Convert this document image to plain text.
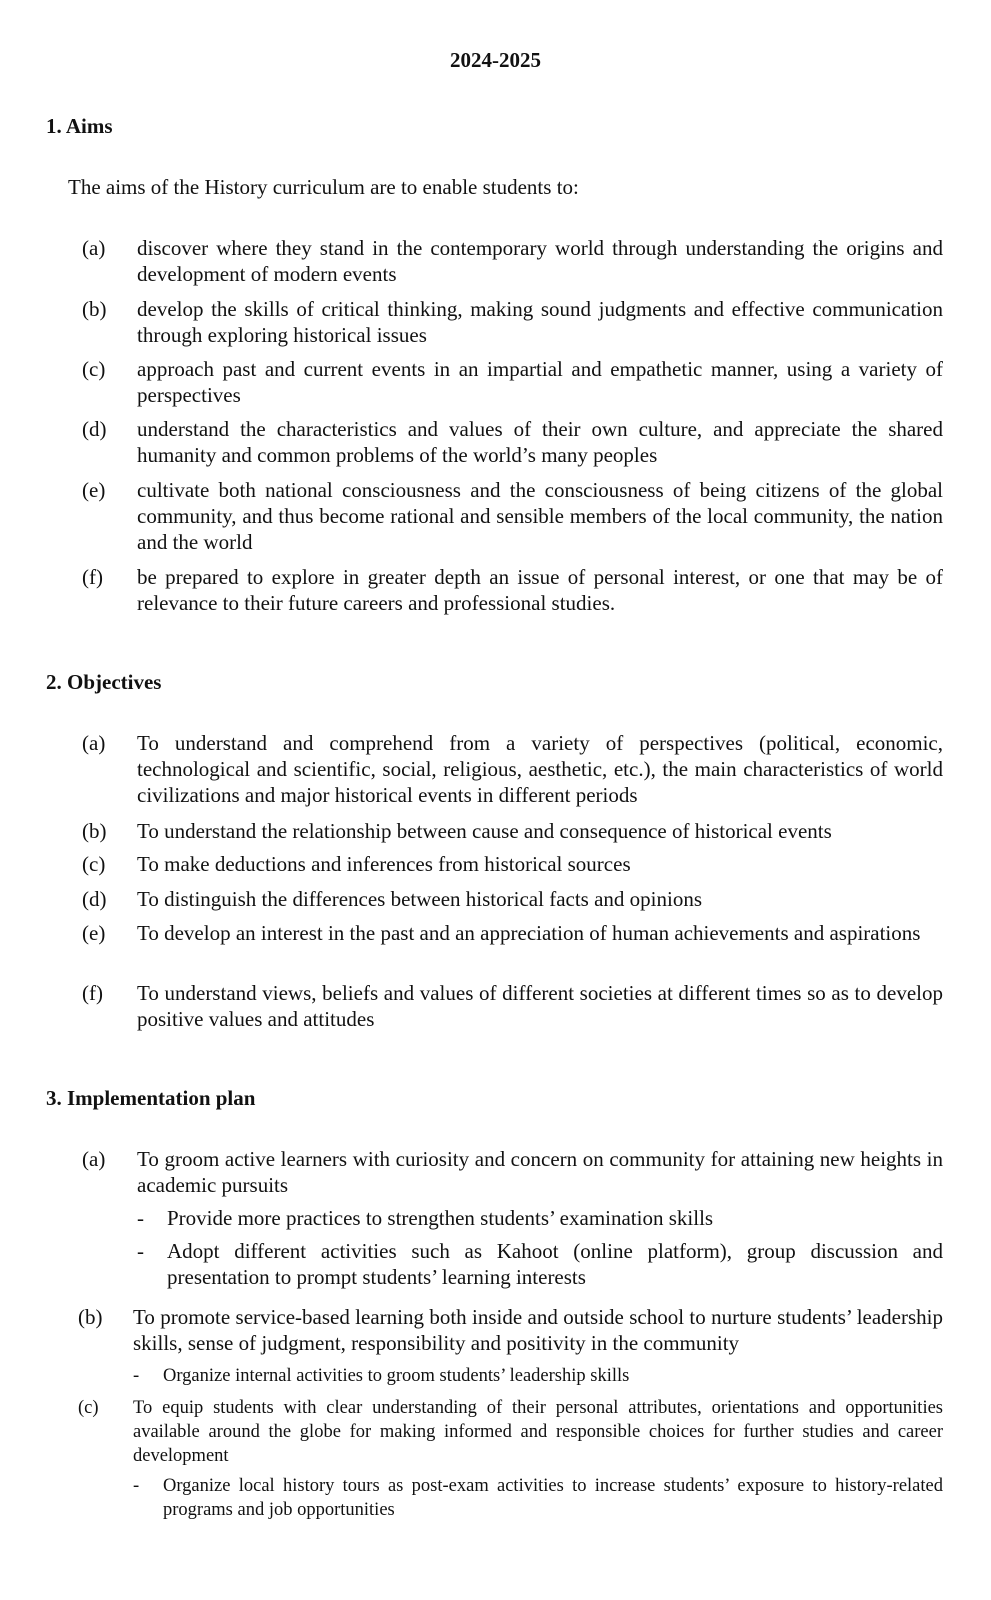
2024-2025
1. Aims
The aims of the History curriculum are to enable students to:
(a)	discover where they stand in the contemporary world through understanding the origins and development of modern events
(b)	develop the skills of critical thinking, making sound judgments and effective communication through exploring historical issues
(c)	approach past and current events in an impartial and empathetic manner, using a variety of perspectives
(d)	understand the characteristics and values of their own culture, and appreciate the shared humanity and common problems of the world’s many peoples
(e)	cultivate both national consciousness and the consciousness of being citizens of the global community, and thus become rational and sensible members of the local community, the nation and the world
(f)	be prepared to explore in greater depth an issue of personal interest, or one that may be of relevance to their future careers and professional studies.
2. Objectives
(a)	To understand and comprehend from a variety of perspectives (political, economic, technological and scientific, social, religious, aesthetic, etc.), the main characteristics of world civilizations and major historical events in different periods
(b)	To understand the relationship between cause and consequence of historical events
(c)	To make deductions and inferences from historical sources
(d)	To distinguish the differences between historical facts and opinions
(e)	To develop an interest in the past and an appreciation of human achievements and aspirations
(f)	To understand views, beliefs and values of different societies at different times so as to develop positive values and attitudes
3. Implementation plan
(a)	To groom active learners with curiosity and concern on community for attaining new heights in academic pursuits
-	Provide more practices to strengthen students’ examination skills
-	Adopt different activities such as Kahoot (online platform), group discussion and presentation to prompt students’ learning interests
(b)	To promote service-based learning both inside and outside school to nurture students’ leadership skills, sense of judgment, responsibility and positivity in the community
-	Organize internal activities to groom students’ leadership skills
(c)	To equip students with clear understanding of their personal attributes, orientations and opportunities available around the globe for making informed and responsible choices for further studies and career development
-	Organize local history tours as post-exam activities to increase students’ exposure to history-related programs and job opportunities
